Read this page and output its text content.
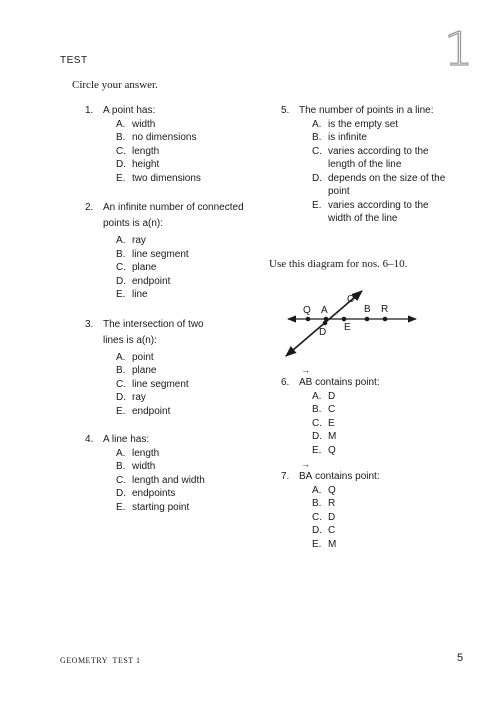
1
TEST
Circle your answer.
1. A point has:
A. width
B. no dimensions
C. length
D. height
E. two dimensions
2. An infinite number of connected points is a(n):
A. ray
B. line segment
C. plane
D. endpoint
E. line
3. The intersection of two lines is a(n):
A. point
B. plane
C. line segment
D. ray
E. endpoint
4. A line has:
A. length
B. width
C. length and width
D. endpoints
E. starting point
5. The number of points in a line:
A. is the empty set
B. is infinite
C. varies according to the length of the line
D. depends on the size of the point
E. varies according to the width of the line
Use this diagram for nos. 6–10.
Q A
C
B R
D E
6.
→
AB contains point:
A. D
B. C
C. E
D. M
E. Q
7.
→
BA contains point:
A. Q
B. R
C. D
D. C
E. M
GEOMETRY  TEST 1	5
